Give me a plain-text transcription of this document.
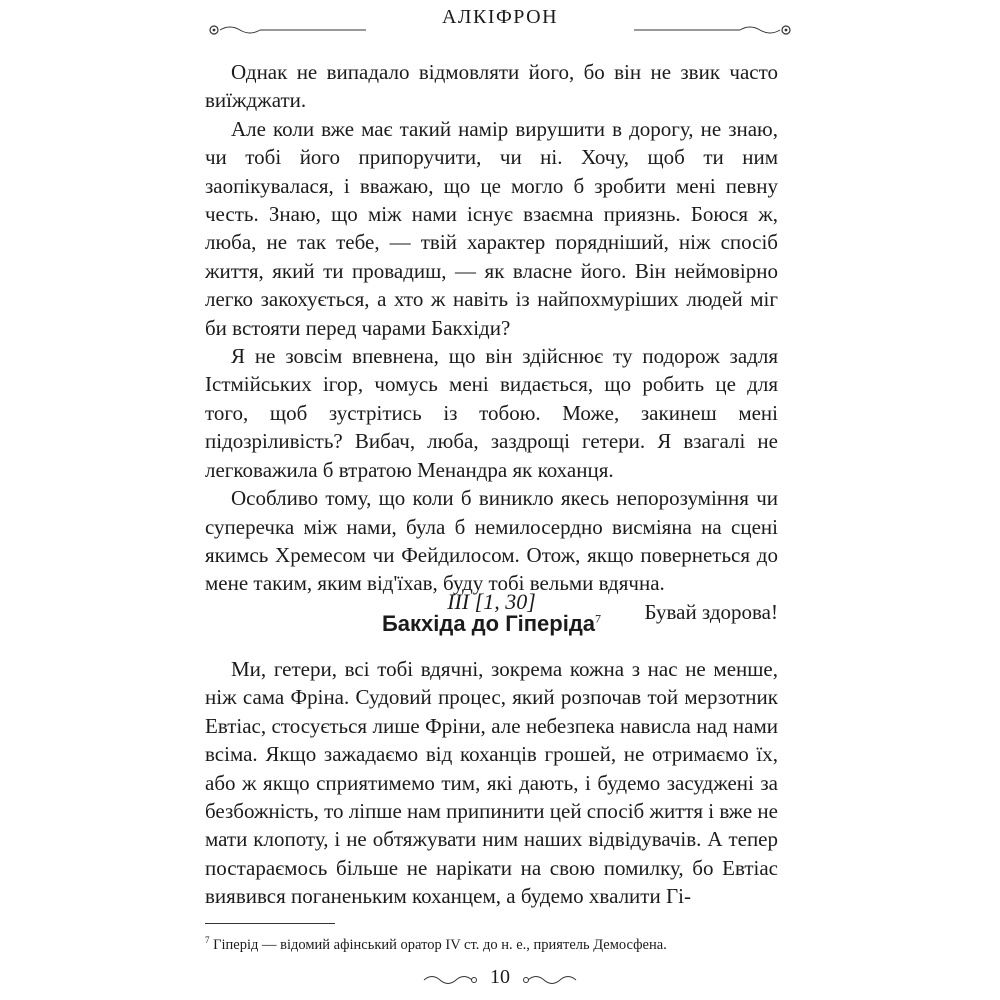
АЛКІФРОН

Однак не випадало відмовляти його, бо він не звик часто виїжджати.

Але коли вже має такий намір вирушити в дорогу, не знаю, чи тобі його припоручити, чи ні. Хочу, щоб ти ним заопікувалася, і вважаю, що це могло б зробити мені певну честь. Знаю, що між нами існує взаємна приязнь. Боюся ж, люба, не так тебе, — твій характер порядніший, ніж спосіб життя, який ти провадиш, — як власне його. Він неймовірно легко закохується, а хто ж навіть із найпохмуріших людей міг би встояти перед чарами Бакхіди?

Я не зовсім впевнена, що він здійснює ту подорож задля Істмійських ігор, чомусь мені видається, що робить це для того, щоб зустрітись із тобою. Може, закинеш мені підозріливість? Вибач, люба, заздрощі гетери. Я взагалі не легковажила б втратою Менандра як коханця.

Особливо тому, що коли б виникло якесь непорозуміння чи суперечка між нами, була б немилосердно висміяна на сцені якимсь Хремесом чи Фейдилосом. Отож, якщо повернеться до мене таким, яким від'їхав, буду тобі вельми вдячна.

Бувай здорова!

III [1, 30]
Бакхіда до Гіперіда$^7$

Ми, гетери, всі тобі вдячні, зокрема кожна з нас не менше, ніж сама Фріна. Судовий процес, який розпочав той мерзотник Евтіас, стосується лише Фріни, але небезпека нависла над нами всіма. Якщо зажадаємо від коханців грошей, не отримаємо їх, або ж якщо сприятимемо тим, які дають, і будемо засуджені за безбожність, то ліпше нам припинити цей спосіб життя і вже не мати клопоту, і не обтяжувати ним наших відвідувачів. А тепер постараємось більше не нарікати на свою помилку, бо Евтіас виявився поганеньким коханцем, а будемо хвалити Гі-

$^7$ Гіперід — відомий афінський оратор IV ст. до н. е., приятель Демосфена.
10
